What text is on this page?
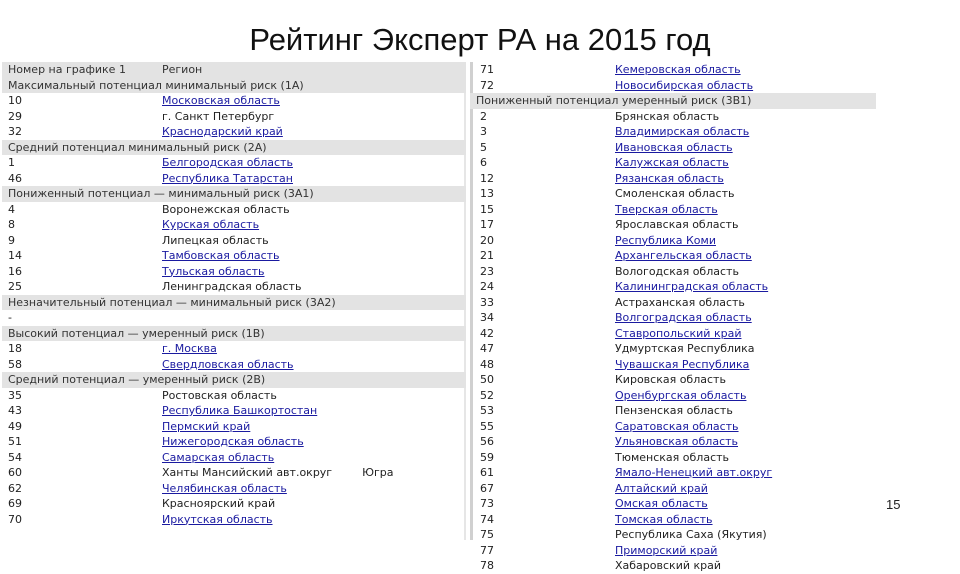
Рейтинг Эксперт РА на 2015 год
Номер на графике 1	Регион
Максимальный потенциал минимальный риск (1A)
10	Московская область
29	г. Санкт Петербург
32	Краснодарский край
Средний потенциал минимальный риск (2A)
1	Белгородская область
46	Республика Татарстан
Пониженный потенциал — минимальный риск (3A1)
4	Воронежская область
8	Курская область
9	Липецкая область
14	Тамбовская область
16	Тульская область
25	Ленинградская область
Незначительный потенциал — минимальный риск (3A2)
-
Высокий потенциал — умеренный риск (1B)
18	г. Москва
58	Свердловская область
Средний потенциал — умеренный риск (2B)
35	Ростовская область
43	Республика Башкортостан
49	Пермский край
51	Нижегородская область
54	Самарская область
60	Ханты Мансийский авт.округ	Югра
62	Челябинская область
69	Красноярский край
70	Иркутская область
71	Кемеровская область
72	Новосибирская область
Пониженный потенциал умеренный риск (3B1)
2	Брянская область
3	Владимирская область
5	Ивановская область
6	Калужская область
12	Рязанская область
13	Смоленская область
15	Тверская область
17	Ярославская область
20	Республика Коми
21	Архангельская область
23	Вологодская область
24	Калининградская область
33	Астраханская область
34	Волгоградская область
42	Ставропольский край
47	Удмуртская Республика
48	Чувашская Республика
50	Кировская область
52	Оренбургская область
53	Пензенская область
55	Саратовская область
56	Ульяновская область
59	Тюменская область
61	Ямало-Ненецкий авт.округ
67	Алтайский край
73	Омская область
74	Томская область
75	Республика Саха (Якутия)
77	Приморский край
78	Хабаровский край
15
